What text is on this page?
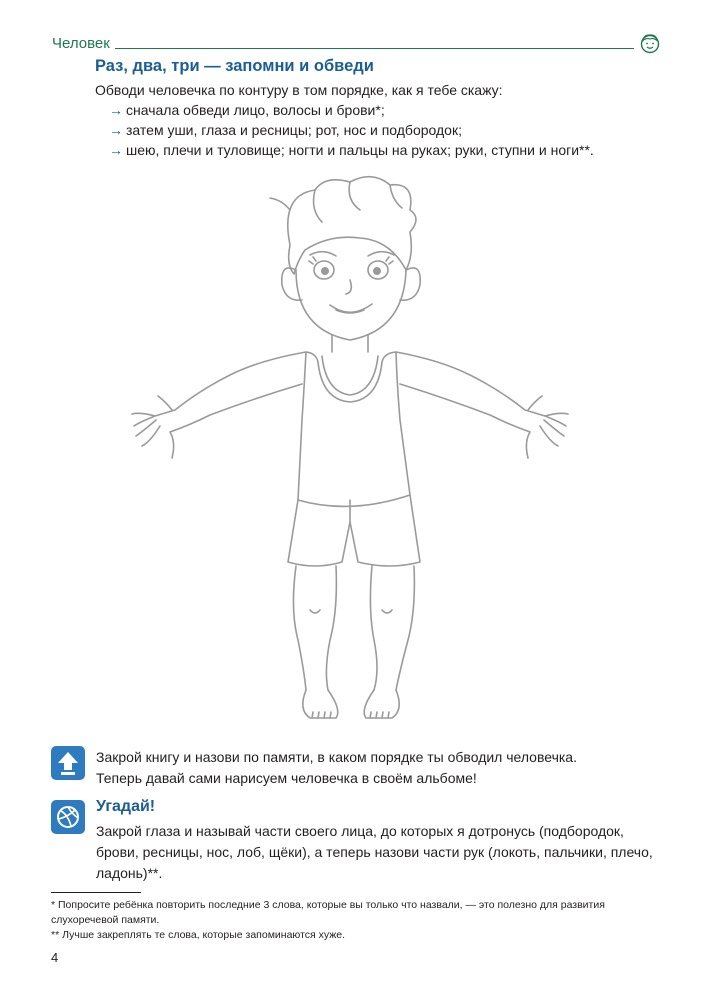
Человек
Раз, два, три — запомни и обведи
Обводи человечка по контуру в том порядке, как я тебе скажу:
→ сначала обведи лицо, волосы и брови*;
→ затем уши, глаза и ресницы; рот, нос и подбородок;
→ шею, плечи и туловище; ногти и пальцы на руках; руки, ступни и ноги**.
Закрой книгу и назови по памяти, в каком порядке ты обводил человечка.
Теперь давай сами нарисуем человечка в своём альбоме!
Угадай!
Закрой глаза и называй части своего лица, до которых я дотронусь (подбородок, брови, ресницы, нос, лоб, щёки), а теперь назови части рук (локоть, пальчики, плечо, ладонь)**.
* Попросите ребёнка повторить последние 3 слова, которые вы только что назвали, — это полезно для развития слухоречевой памяти.
** Лучше закреплять те слова, которые запоминаются хуже.
4
